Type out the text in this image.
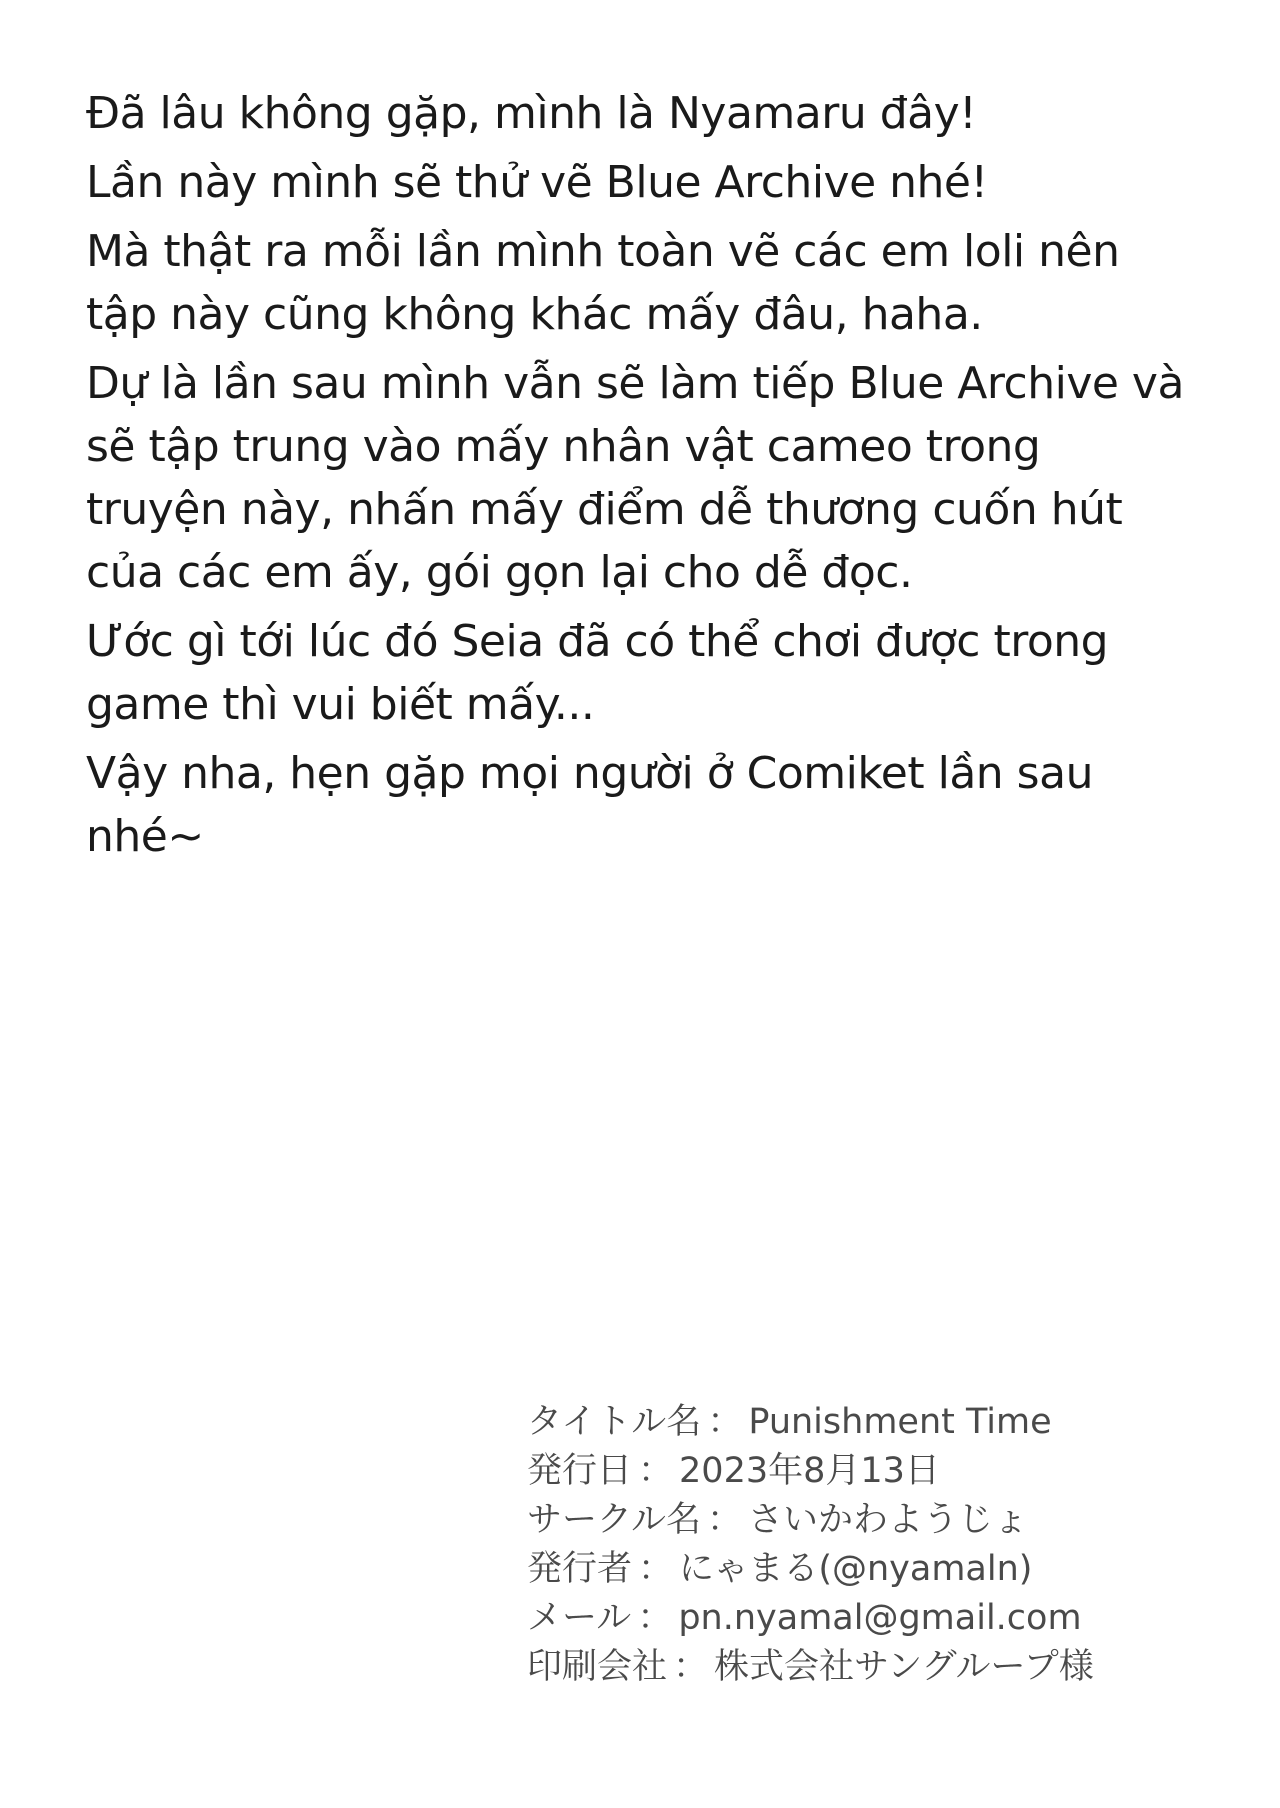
Đã lâu không gặp, mình là Nyamaru đây!

Lần này mình sẽ thử vẽ Blue Archive nhé!

Mà thật ra mỗi lần mình toàn vẽ các em loli nên
tập này cũng không khác mấy đâu, haha.

Dự là lần sau mình vẫn sẽ làm tiếp Blue Archive và
sẽ tập trung vào mấy nhân vật cameo trong
truyện này, nhấn mấy điểm dễ thương cuốn hút
của các em ấy, gói gọn lại cho dễ đọc.

Ước gì tới lúc đó Seia đã có thể chơi được trong
game thì vui biết mấy...

Vậy nha, hẹn gặp mọi người ở Comiket lần sau
nhé~

タイトル名 ： Punishment Time
発行日 ： 2023年8月13日
サークル名 ： さいかわようじょ
発行者 ： にゃまる(@nyamaln)
メール ： pn.nyamal@gmail.com
印刷会社 ： 株式会社サングループ様
